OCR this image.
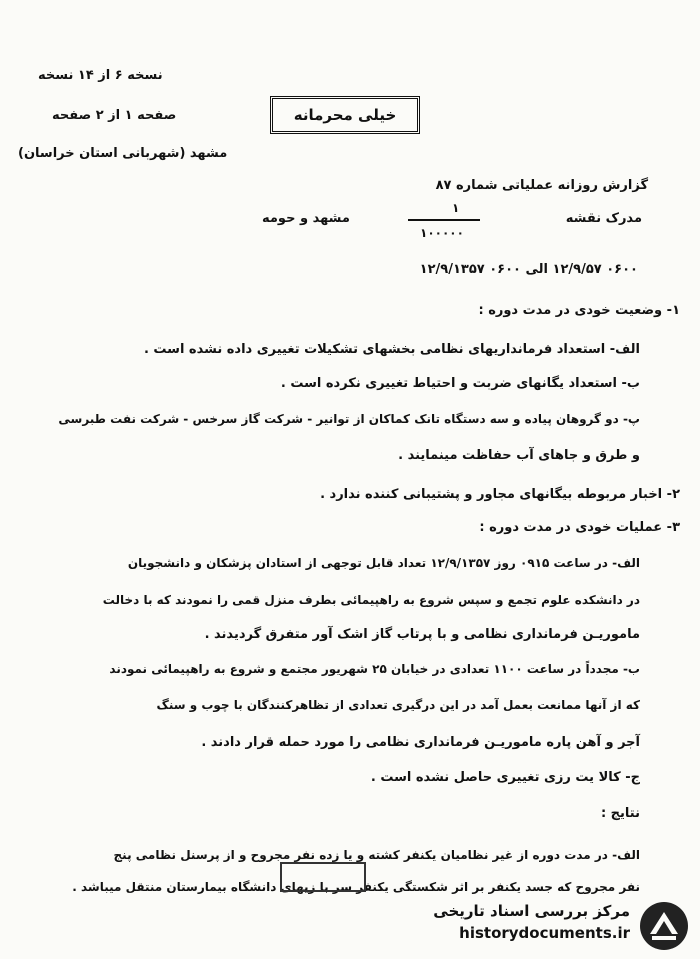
نسخه ۶ از ۱۴ نسخه
صفحه ۱ از ۲ صفحه
مشهد (شهربانی استان خراسان)
خیلی محرمانه
گزارش روزانه عملیاتی شماره ۸۷
مدرک نقشه
۱
۱۰۰۰۰۰
مشهد و حومه
۰۶۰۰ ۱۲/۹/۵۷ الی ۰۶۰۰ ۱۲/۹/۱۳۵۷
۱- وضعیت خودی در مدت دوره :
الف- استعداد فرمانداریهای نظامی بخشهای تشکیلات تغییری داده نشده است .
ب- استعداد یگانهای ضربت و احتیاط تغییری نکرده است .
پ- دو گروهان پیاده و سه دستگاه تانک کماکان از توانیر - شرکت گاز سرخس - شرکت نفت طبرسی
و طرق و جاهای آب حفاظت مینمایند .
۲- اخبار مربوطه بیگانهای مجاور و پشتیبانی کننده ندارد .
۳- عملیات خودی در مدت دوره :
الف- در ساعت ۰۹۱۵ روز ۱۲/۹/۱۳۵۷ تعداد قابل توجهی از استادان پزشکان و دانشجویان
در دانشکده علوم تجمع و سپس شروع به راهپیمائی بطرف منزل قمی را نمودند که با دخالت
ماموریـن فرمانداری نظامی و با پرتاب گاز اشک آور متفرق گردیدند .
ب- مجدداً در ساعت ۱۱۰۰ تعدادی در خیابان ۲۵ شهریور مجتمع و شروع به راهپیمائی نمودند
که از آنها ممانعت بعمل آمد در این درگیری تعدادی از تظاهرکنندگان با چوب و سنگ
آجر و آهن پاره ماموریـن فرمانداری نظامی را مورد حمله قرار دادند .
ج- کالا یت رزی تغییری حاصل نشده است .
نتایج :
الف- در مدت دوره از غیر نظامیان یکنفر کشته و یا زده نفر مجروح و از پرسنل نظامی پنج
نفر مجروح که جسد یکنفر بر اثر شکستگی یکنفر سر با زیهای دانشگاه بیمارستان منتقل میباشد .
مرکز بررسی اسناد تاریخی
historydocuments.ir
